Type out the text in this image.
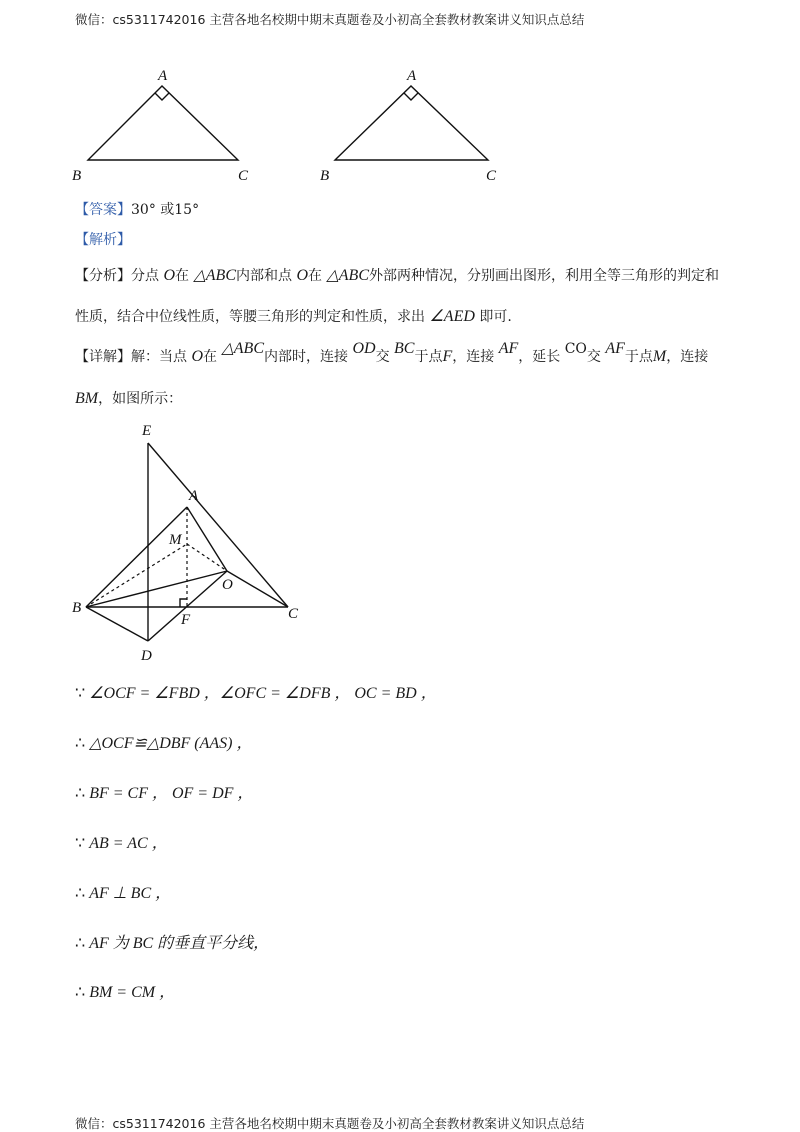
微信：cs5311742016 主营各地名校期中期末真题卷及小初高全套教材教案讲义知识点总结
A
B	C
A
B	C
【答案】30° 或15°
【解析】
【分析】分点 O在 △ABC内部和点 O在 △ABC外部两种情况，分别画出图形，利用全等三角形的判定和
性质，结合中位线性质，等腰三角形的判定和性质，求出 ∠AED 即可.
【详解】解：当点 O在 △ABC内部时，连接 OD交 BC于点F，连接 AF，延长 CO交 AF于点M，连接
BM，如图所示：
E
A
M
O
B
F	C
D
∵ ∠OCF = ∠FBD ，∠OFC = ∠DFB ， OC = BD ，
∴ △OCF≌△DBF (AAS) ，
∴ BF = CF ， OF = DF ，
∵ AB = AC ，
∴ AF ⊥ BC ，
∴ AF 为 BC 的垂直平分线，
∴ BM = CM ，
微信：cs5311742016 主营各地名校期中期末真题卷及小初高全套教材教案讲义知识点总结
